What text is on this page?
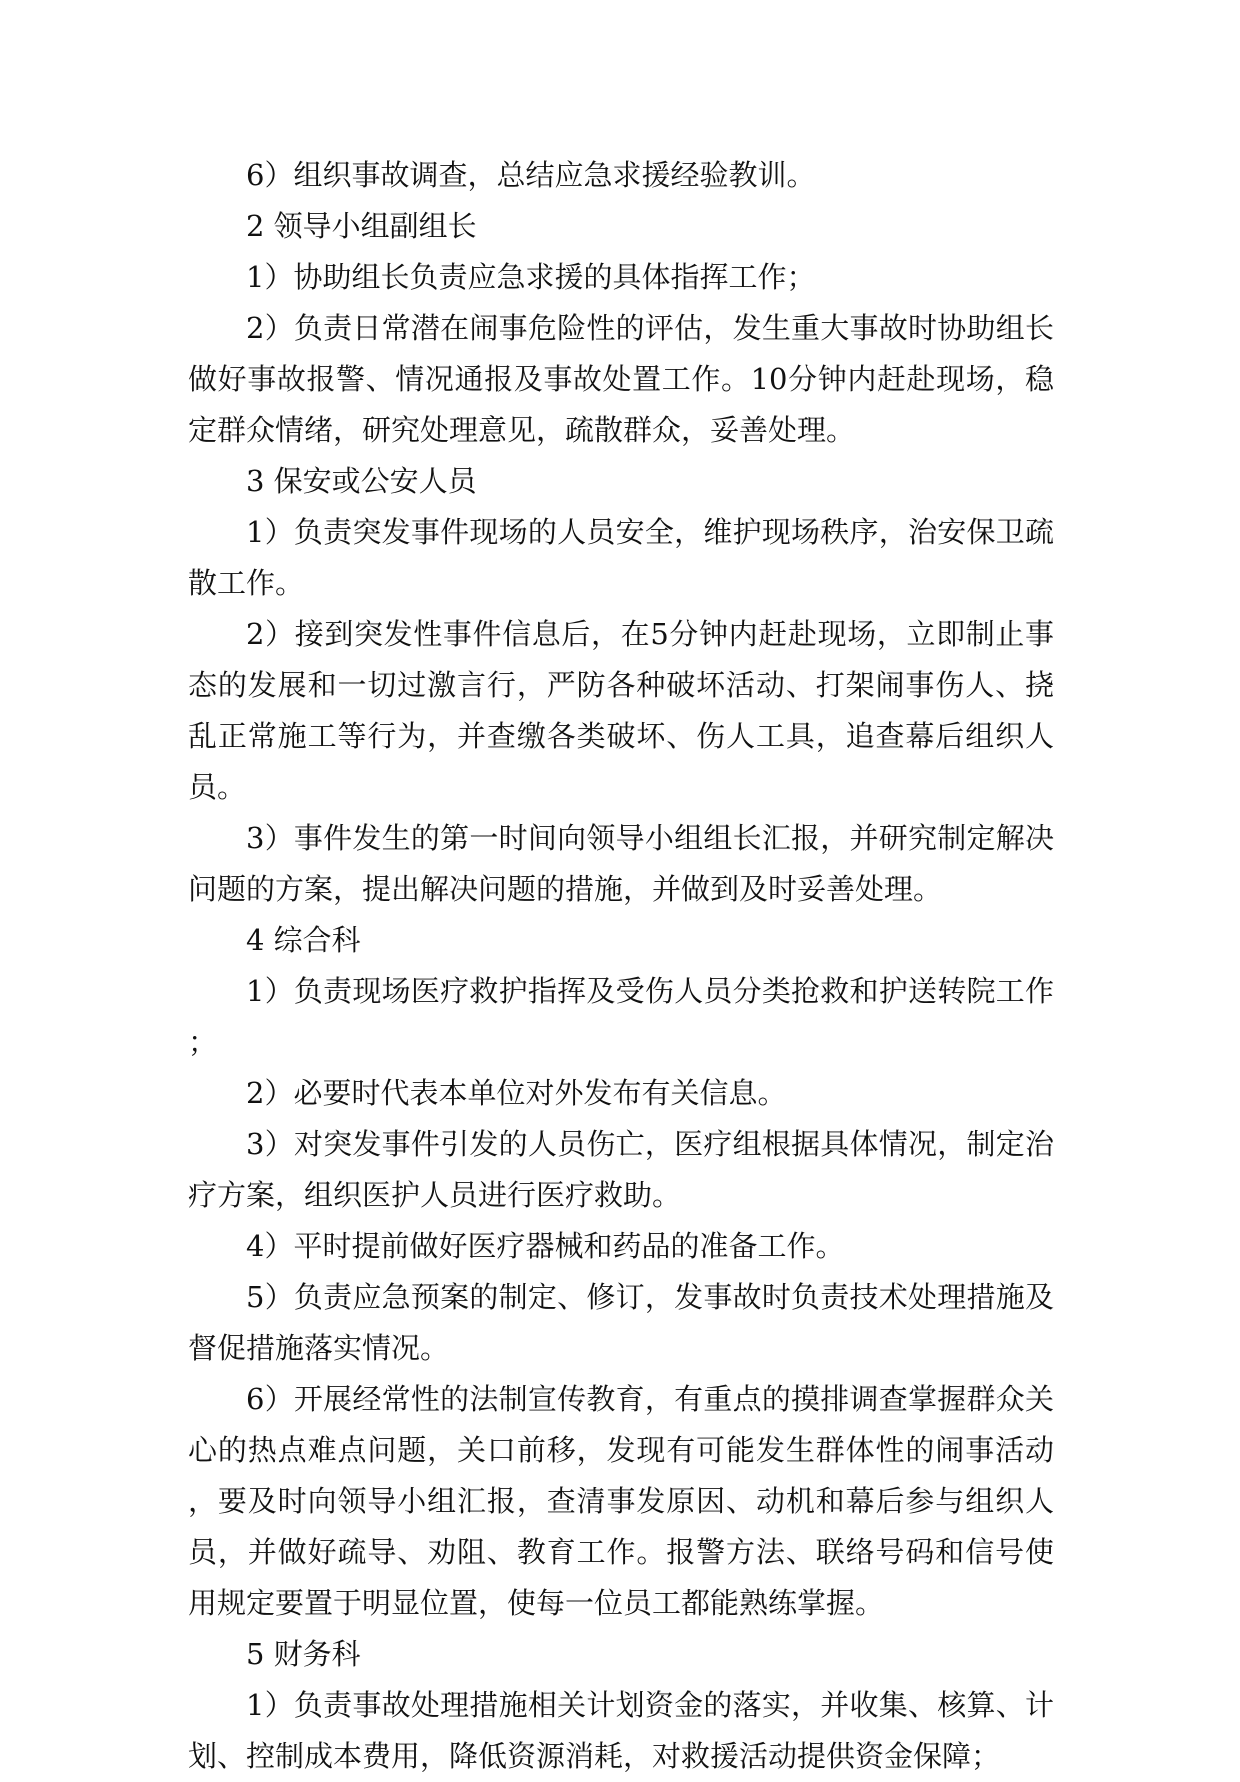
6）组织事故调查，总结应急求援经验教训。

2 领导小组副组长

1）协助组长负责应急求援的具体指挥工作；

2）负责日常潜在闹事危险性的评估，发生重大事故时协助组长做好事故报警、情况通报及事故处置工作。10分钟内赶赴现场，稳定群众情绪，研究处理意见，疏散群众，妥善处理。

3 保安或公安人员

1）负责突发事件现场的人员安全，维护现场秩序，治安保卫疏散工作。

2）接到突发性事件信息后，在5分钟内赶赴现场，立即制止事态的发展和一切过激言行，严防各种破坏活动、打架闹事伤人、挠乱正常施工等行为，并查缴各类破坏、伤人工具，追查幕后组织人员。

3）事件发生的第一时间向领导小组组长汇报，并研究制定解决问题的方案，提出解决问题的措施，并做到及时妥善处理。

4 综合科

1）负责现场医疗救护指挥及受伤人员分类抢救和护送转院工作；

2）必要时代表本单位对外发布有关信息。

3）对突发事件引发的人员伤亡，医疗组根据具体情况，制定治疗方案，组织医护人员进行医疗救助。

4）平时提前做好医疗器械和药品的准备工作。

5）负责应急预案的制定、修订，发事故时负责技术处理措施及督促措施落实情况。

6）开展经常性的法制宣传教育，有重点的摸排调查掌握群众关心的热点难点问题，关口前移，发现有可能发生群体性的闹事活动，要及时向领导小组汇报，查清事发原因、动机和幕后参与组织人员，并做好疏导、劝阻、教育工作。报警方法、联络号码和信号使用规定要置于明显位置，使每一位员工都能熟练掌握。

5 财务科

1）负责事故处理措施相关计划资金的落实，并收集、核算、计划、控制成本费用，降低资源消耗，对救援活动提供资金保障；
